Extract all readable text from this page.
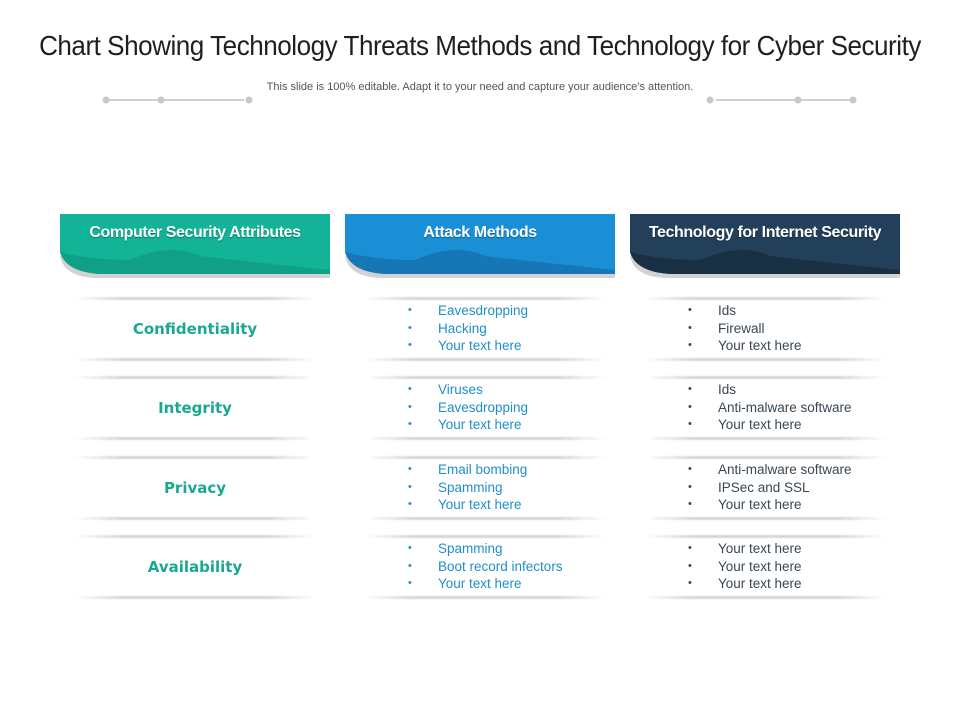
Chart Showing Technology Threats Methods and Technology for Cyber Security
This slide is 100% editable. Adapt it to your need and capture your audience’s attention.
Computer Security Attributes	Attack Methods	Technology for Internet Security
Confidentiality
• Eavesdropping
• Hacking
• Your text here
• Ids
• Firewall
• Your text here
Integrity
• Viruses
• Eavesdropping
• Your text here
• Ids
• Anti-malware software
• Your text here
Privacy
• Email bombing
• Spamming
• Your text here
• Anti-malware software
• IPSec and SSL
• Your text here
Availability
• Spamming
• Boot record infectors
• Your text here
• Your text here
• Your text here
• Your text here
